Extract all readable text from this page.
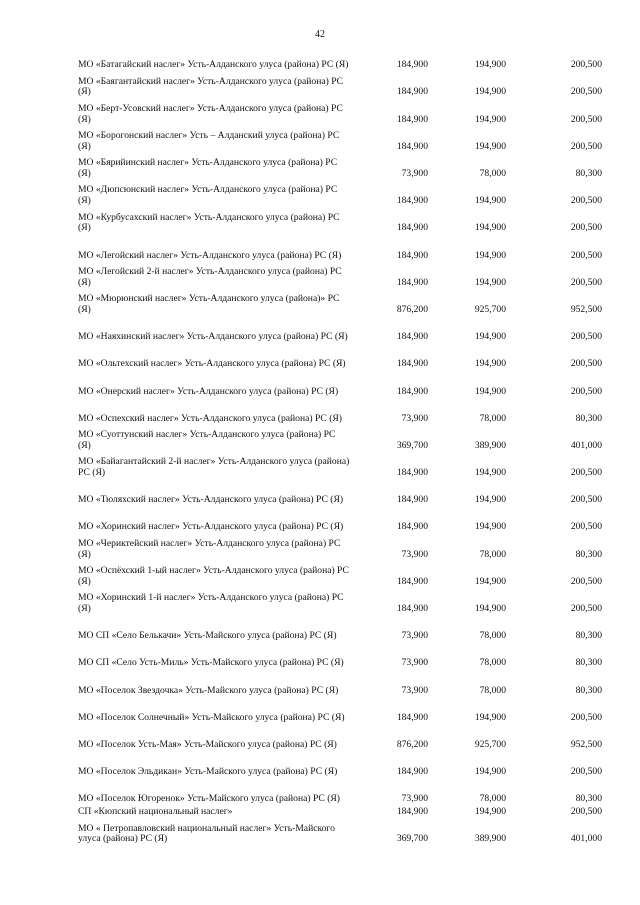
42
МО «Батагайский наслег» Усть-Алданского улуса (района) РС (Я)	184,900	194,900	200,500

МО «Баягантайский наслег» Усть-Алданского улуса (района) РС (Я)	184,900	194,900	200,500

МО «Берт-Усовский наслег» Усть-Алданского улуса (района) РС (Я)	184,900	194,900	200,500

МО «Борогонский наслег» Усть – Алданский улуса (района) РС (Я)	184,900	194,900	200,500

МО «Бярийинский наслег» Усть-Алданского улуса (района) РС (Я)	73,900	78,000	80,300

МО «Дюпсюнский наслег» Усть-Алданского улуса (района) РС (Я)	184,900	194,900	200,500

МО «Курбусахский наслег» Усть-Алданского улуса (района) РС (Я)	184,900	194,900	200,500

МО «Легойский наслег» Усть-Алданского улуса (района) РС (Я)	184,900	194,900	200,500

МО «Легойский 2-й наслег» Усть-Алданского улуса (района) РС (Я)	184,900	194,900	200,500

МО «Мюрюнский наслег» Усть-Алданского улуса (района)» РС (Я)	876,200	925,700	952,500

МО «Наяхинский наслег» Усть-Алданского улуса (района) РС (Я)	184,900	194,900	200,500

МО «Ольтехский наслег» Усть-Алданского улуса (района) РС (Я)	184,900	194,900	200,500

МО «Онерский наслег» Усть-Алданского улуса (района) РС (Я)	184,900	194,900	200,500

МО «Оспехский наслег» Усть-Алданского улуса (района) РС (Я)	73,900	78,000	80,300

МО «Суоттунский наслег» Усть-Алданского улуса (района) РС (Я)	369,700	389,900	401,000

МО «Байагантайский 2-й наслег» Усть-Алданского улуса (района) РС (Я)	184,900	194,900	200,500

МО «Тюляхский наслег» Усть-Алданского улуса (района) РС (Я)	184,900	194,900	200,500

МО «Хоринский наслег» Усть-Алданского улуса (района) РС (Я)	184,900	194,900	200,500

МО «Чериктейский наслег» Усть-Алданского улуса (района) РС (Я)	73,900	78,000	80,300

МО «Оспёхский 1-ый наслег» Усть-Алданского улуса (района) РС (Я)	184,900	194,900	200,500

МО «Хоринский 1-й наслег» Усть-Алданского улуса (района) РС (Я)	184,900	194,900	200,500

МО СП «Село Белькачи» Усть-Майского улуса (района) РС (Я)	73,900	78,000	80,300

МО СП «Село Усть-Миль» Усть-Майского улуса (района) РС (Я)	73,900	78,000	80,300

МО «Поселок Звездочка» Усть-Майского улуса (района) РС (Я)	73,900	78,000	80,300

МО «Поселок Солнечный» Усть-Майского улуса (района) РС (Я)	184,900	194,900	200,500

МО «Поселок Усть-Мая» Усть-Майского улуса (района) РС (Я)	876,200	925,700	952,500

МО «Поселок Эльдикан» Усть-Майского улуса (района) РС (Я)	184,900	194,900	200,500

МО «Поселок Югоренок» Усть-Майского улуса (района) РС (Я)	73,900	78,000	80,300

СП «Кюпский национальный наслег»	184,900	194,900	200,500

МО « Петропавловский национальный наслег» Усть-Майского улуса (района) РС (Я)	369,700	389,900	401,000
